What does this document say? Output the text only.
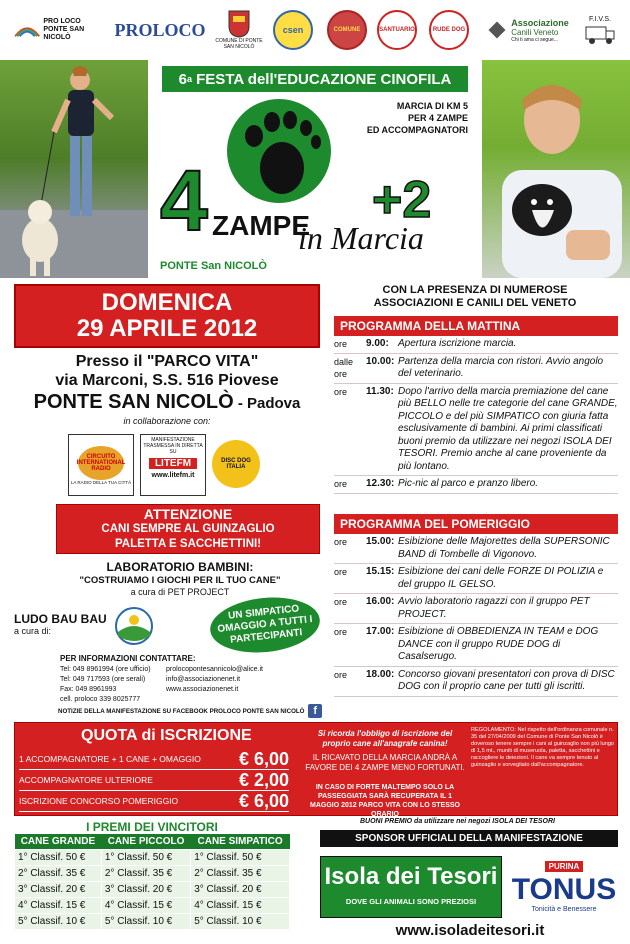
PRO LOCO PONTE SAN NICOLÒ	PROLOCO
COMUNE DI PONTE SAN NICOLÒ
csen	COMUNE	SANTUARIO	RUDE DOG
Associazione
Canili Veneto
Chi ti ama ci segue...
F.I.V.S.
6 a
FESTA dell'EDUCAZIONE CINOFILA
MARCIA DI KM 5
PER 4 ZAMPE
ED ACCOMPAGNATORI
4	+2
ZAMPE
in Marcia
PONTE San NICOLÒ
DOMENICA
29 APRILE 2012
Presso il "PARCO VITA"
via Marconi, S.S. 516 Piovese
PONTE SAN NICOLÒ - Padova
in collaborazione con:
CIRCUITO INTERNATIONAL RADIO
LA RADIO DELLA TUA CITTÀ
MANIFESTAZIONE TRASMESSA IN DIRETTA SU
LITEFM
www.litefm.it
DISC DOG ITALIA
ATTENZIONE
CANI SEMPRE AL GUINZAGLIO
PALETTA E SACCHETTINI!
LABORATORIO BAMBINI:
"COSTRUIAMO I GIOCHI PER IL TUO CANE"
a cura di PET PROJECT
LUDO BAU BAU
a cura di:
UN SIMPATICO OMAGGIO A TUTTI I PARTECIPANTI
PER INFORMAZIONI CONTATTARE:
Tel: 049 8961994 (ore ufficio)
Tel: 049 717593 (ore serali)
Fax: 049 8961993
cell. proloco 339 8025777
prolocopontesannicolo@alice.it
info@associazionenet.it
www.associazionenet.it
NOTIZIE DELLA MANIFESTAZIONE SU FACEBOOK PROLOCO PONTE SAN NICOLÒ f
CON LA PRESENZA DI NUMEROSE
ASSOCIAZIONI E CANILI DEL VENETO
PROGRAMMA DELLA MATTINA
ore	9.00: Apertura iscrizione marcia.
dalle ore
10.00: Partenza della marcia con ristori. Avvio angolo del veterinario.
ore	11.30: Dopo l'arrivo della marcia premiazione del cane più BELLO nelle tre categorie del cane GRANDE, PICCOLO e del più SIMPATICO con giuria fatta esclusivamente di bambini. Ai primi classificati buoni premio da utilizzare nei negozi ISOLA DEI TESORI. Premio anche al cane proveniente da più lontano.
ore	12.30: Pic-nic al parco e pranzo libero.
PROGRAMMA DEL POMERIGGIO
ore	15.00: Esibizione delle Majorettes della SUPERSONIC BAND di Tombelle di Vigonovo.
ore	15.15: Esibizione dei cani delle FORZE DI POLIZIA e del gruppo IL GELSO.
ore	16.00: Avvio laboratorio ragazzi con il gruppo PET PROJECT.
ore	17.00: Esibizione di OBBEDIENZA IN TEAM e DOG DANCE con il gruppo RUDE DOG di Casalserugo.
ore	18.00: Concorso giovani presentatori con prova di DISC DOG con il proprio cane per tutti gli iscritti.
QUOTA di ISCRIZIONE
1 ACCOMPAGNATORE + 1 CANE + OMAGGIO € 6,00
ACCOMPAGNATORE ULTERIORE	€ 2,00
ISCRIZIONE CONCORSO POMERIGGIO	€ 6,00
Si ricorda l'obbligo di iscrizione del proprio cane all'anagrafe canina!
IL RICAVATO DELLA MARCIA ANDRÀ A FAVORE DEI 4 ZAMPE MENO FORTUNATI.
IN CASO DI FORTE MALTEMPO SOLO LA PASSEGGIATA SARÀ RECUPERATA IL 1 MAGGIO 2012 PARCO VITA CON LO STESSO ORARIO
REGOLAMENTO: Nel rispetto dell'ordinanza comunale n. 35 del 27/04/2009 del Comune di Ponte San Nicolò è doveroso tenere sempre i cani al guinzaglio non più lungo di 1,5 mt., muniti di museruola, paletta, sacchettini e raccogliere le deiezioni. Il cane va sempre tenuto al guinzaglio e sorvegliato dall'accompagnatore.
I PREMI DEI VINCITORI
CANE GRANDE	CANE PICCOLO	CANE SIMPATICO
1° Classif. 50 €	1° Classif. 50 €	1° Classif. 50 €
2° Classif. 35 €	2° Classif. 35 €	2° Classif. 35 €
3° Classif. 20 €	3° Classif. 20 €	3° Classif. 20 €
4° Classif. 15 €	4° Classif. 15 €	4° Classif. 15 €
5° Classif. 10 €	5° Classif. 10 €	5° Classif. 10 €
BUONI PREMIO da utilizzare nei negozi ISOLA DEI TESORI
SPONSOR UFFICIALI DELLA MANIFESTAZIONE
Isola dei Tesori
DOVE GLI ANIMALI SONO PREZIOSI
PURINA
TONUS
Tonicità e Benessere
www.isoladeitesori.it
